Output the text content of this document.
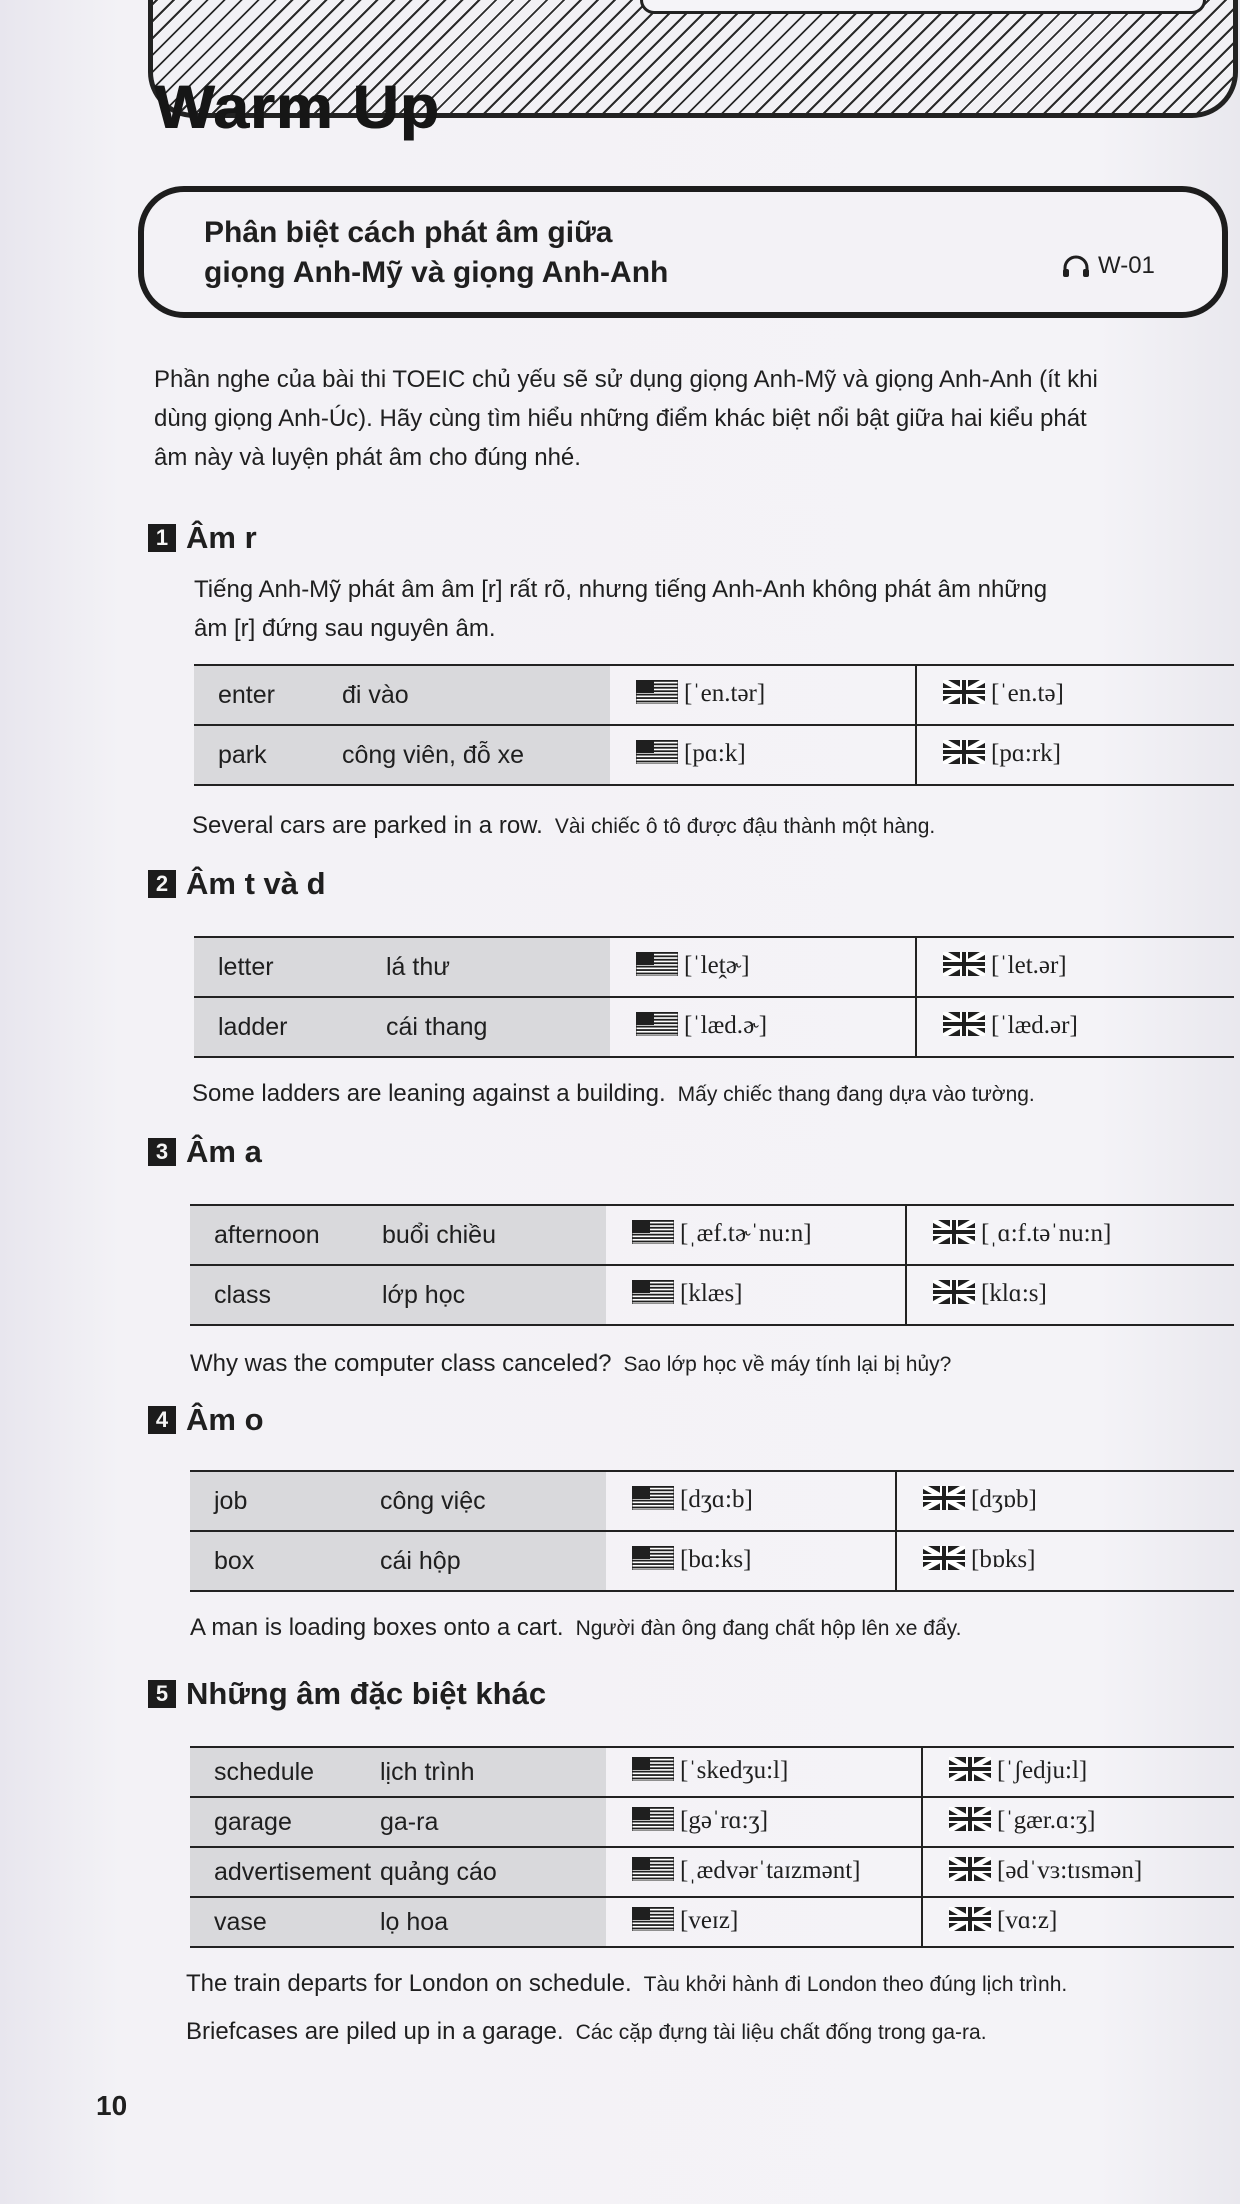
Warm Up
Phân biệt cách phát âm giữa
giọng Anh-Mỹ và giọng Anh-Anh	W-01
Phần nghe của bài thi TOEIC chủ yếu sẽ sử dụng giọng Anh-Mỹ và giọng Anh-Anh (ít khi
dùng giọng Anh-Úc). Hãy cùng tìm hiểu những điểm khác biệt nổi bật giữa hai kiểu phát
âm này và luyện phát âm cho đúng nhé.
1 Âm r
Tiếng Anh-Mỹ phát âm âm [r] rất rõ, nhưng tiếng Anh-Anh không phát âm những
âm [r] đứng sau nguyên âm.
enter	đi vào	[ˈen.tər]	[ˈen.tə]
park	công viên, đỗ xe	[pɑ:k]	[pɑ:rk]
Several cars are parked in a row. Vài chiếc ô tô được đậu thành một hàng.
2 Âm t và d
letter	lá thư	[ˈleṱɚ]	[ˈlet.ər]
ladder	cái thang	[ˈlæd.ɚ]	[ˈlæd.ər]
Some ladders are leaning against a building. Mấy chiếc thang đang dựa vào tường.
3 Âm a
afternoon	buổi chiều	[ˌæf.tɚˈnu:n]	[ˌɑ:f.təˈnu:n]
class	lớp học	[klæs]	[klɑ:s]
Why was the computer class canceled? Sao lớp học về máy tính lại bị hủy?
4 Âm o
job	công việc	[dʒɑ:b]	[dʒɒb]
box	cái hộp	[bɑ:ks]	[bɒks]
A man is loading boxes onto a cart. Người đàn ông đang chất hộp lên xe đẩy.
5 Những âm đặc biệt khác
schedule	lịch trình	[ˈskedʒu:l]	[ˈʃedju:l]
garage	ga-ra	[gəˈrɑ:ʒ]	[ˈgær.ɑ:ʒ]
advertisement	quảng cáo	[ˌædvərˈtaɪzmənt]	[ədˈvɜ:tɪsmən]
vase	lọ hoa	[veɪz]	[vɑ:z]
The train departs for London on schedule. Tàu khởi hành đi London theo đúng lịch trình.
Briefcases are piled up in a garage. Các cặp đựng tài liệu chất đống trong ga-ra.
10
